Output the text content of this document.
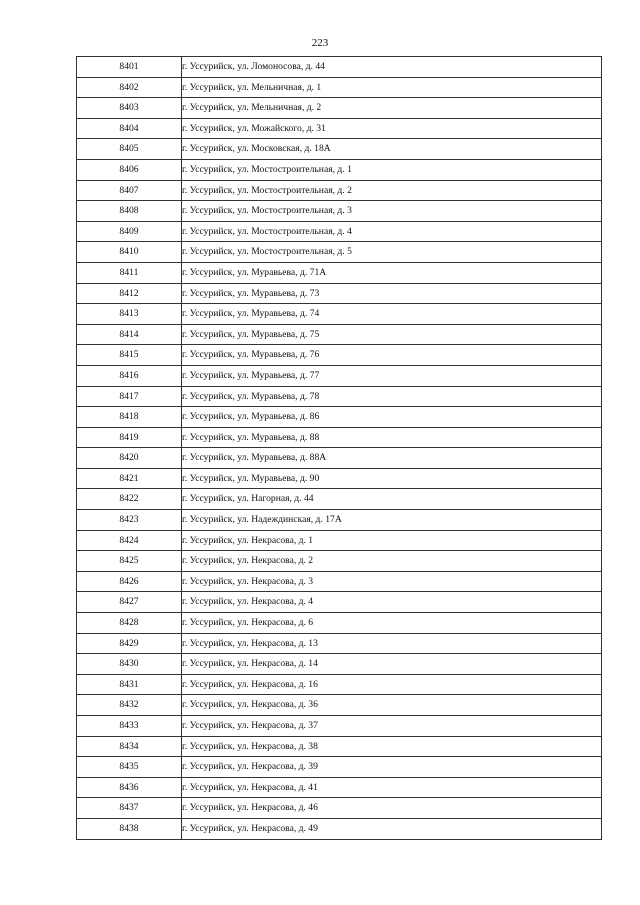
223
8401	г. Уссурийск, ул. Ломоносова, д. 44
8402	г. Уссурийск, ул. Мельничная, д. 1
8403	г. Уссурийск, ул. Мельничная, д. 2
8404	г. Уссурийск, ул. Можайского, д. 31
8405	г. Уссурийск, ул. Московская, д. 18А
8406	г. Уссурийск, ул. Мостостроительная, д. 1
8407	г. Уссурийск, ул. Мостостроительная, д. 2
8408	г. Уссурийск, ул. Мостостроительная, д. 3
8409	г. Уссурийск, ул. Мостостроительная, д. 4
8410	г. Уссурийск, ул. Мостостроительная, д. 5
8411	г. Уссурийск, ул. Муравьева, д. 71А
8412	г. Уссурийск, ул. Муравьева, д. 73
8413	г. Уссурийск, ул. Муравьева, д. 74
8414	г. Уссурийск, ул. Муравьева, д. 75
8415	г. Уссурийск, ул. Муравьева, д. 76
8416	г. Уссурийск, ул. Муравьева, д. 77
8417	г. Уссурийск, ул. Муравьева, д. 78
8418	г. Уссурийск, ул. Муравьева, д. 86
8419	г. Уссурийск, ул. Муравьева, д. 88
8420	г. Уссурийск, ул. Муравьева, д. 88А
8421	г. Уссурийск, ул. Муравьева, д. 90
8422	г. Уссурийск, ул. Нагорная, д. 44
8423	г. Уссурийск, ул. Надеждинская, д. 17А
8424	г. Уссурийск, ул. Некрасова, д. 1
8425	г. Уссурийск, ул. Некрасова, д. 2
8426	г. Уссурийск, ул. Некрасова, д. 3
8427	г. Уссурийск, ул. Некрасова, д. 4
8428	г. Уссурийск, ул. Некрасова, д. 6
8429	г. Уссурийск, ул. Некрасова, д. 13
8430	г. Уссурийск, ул. Некрасова, д. 14
8431	г. Уссурийск, ул. Некрасова, д. 16
8432	г. Уссурийск, ул. Некрасова, д. 36
8433	г. Уссурийск, ул. Некрасова, д. 37
8434	г. Уссурийск, ул. Некрасова, д. 38
8435	г. Уссурийск, ул. Некрасова, д. 39
8436	г. Уссурийск, ул. Некрасова, д. 41
8437	г. Уссурийск, ул. Некрасова, д. 46
8438	г. Уссурийск, ул. Некрасова, д. 49
